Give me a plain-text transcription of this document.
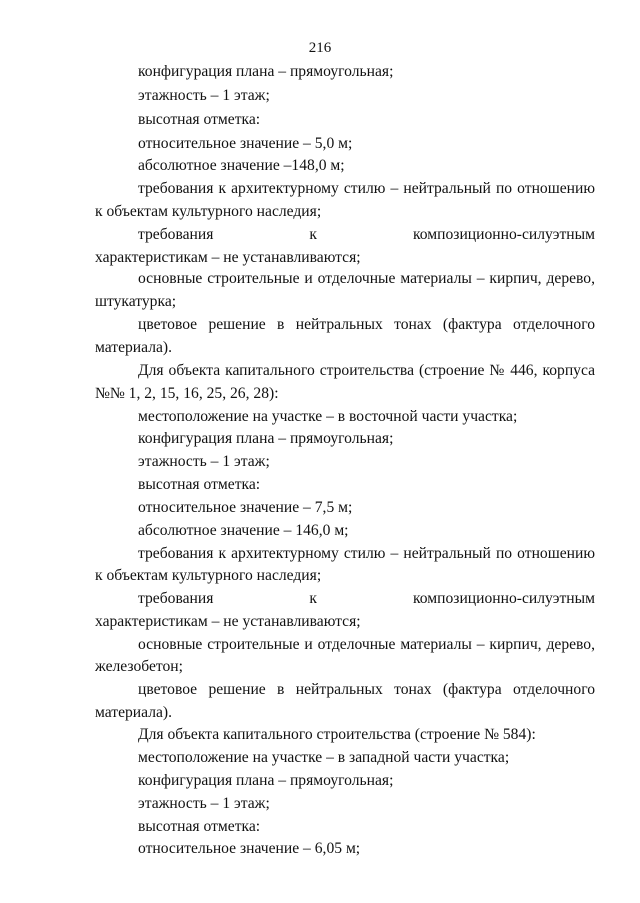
216
конфигурация плана – прямоугольная;
этажность – 1 этаж;
высотная отметка:
относительное значение – 5,0 м;
абсолютное значение –148,0 м;
требования к архитектурному стилю – нейтральный по отношению
к объектам культурного наследия;
требования к композиционно-силуэтным
характеристикам – не устанавливаются;
основные строительные и отделочные материалы – кирпич, дерево,
штукатурка;
цветовое решение в нейтральных тонах (фактура отделочного
материала).
Для объекта капитального строительства (строение № 446, корпуса
№№ 1, 2, 15, 16, 25, 26, 28):
местоположение на участке – в восточной части участка;
конфигурация плана – прямоугольная;
этажность – 1 этаж;
высотная отметка:
относительное значение – 7,5 м;
абсолютное значение – 146,0 м;
требования к архитектурному стилю – нейтральный по отношению
к объектам культурного наследия;
требования к композиционно-силуэтным
характеристикам – не устанавливаются;
основные строительные и отделочные материалы – кирпич, дерево,
железобетон;
цветовое решение в нейтральных тонах (фактура отделочного
материала).
Для объекта капитального строительства (строение № 584):
местоположение на участке – в западной части участка;
конфигурация плана – прямоугольная;
этажность – 1 этаж;
высотная отметка:
относительное значение – 6,05 м;
